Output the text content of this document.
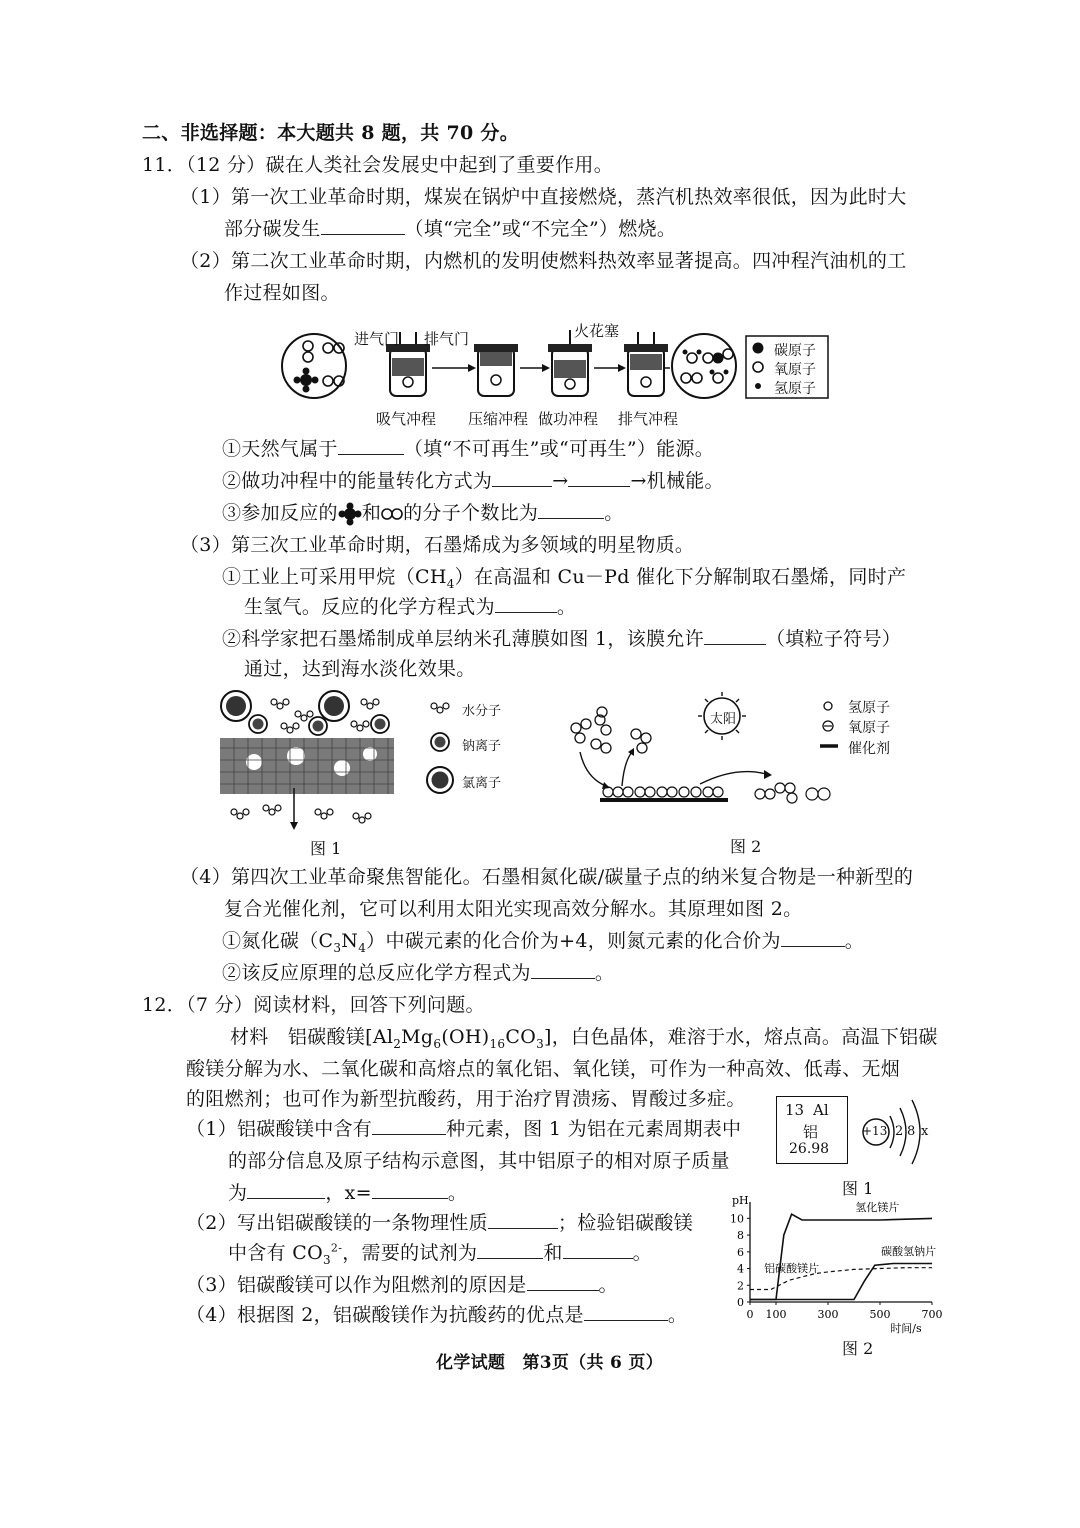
二、非选择题：本大题共 8 题，共 70 分。
11．（12 分）碳在人类社会发展史中起到了重要作用。
（1）第一次工业革命时期，煤炭在锅炉中直接燃烧，蒸汽机热效率很低，因为此时大
部分碳发生	（填“完全”或“不完全”）燃烧。
（2）第二次工业革命时期，内燃机的发明使燃料热效率显著提高。四冲程汽油机的工
作过程如图。
进气门 排气门	火花塞
碳原子
氧原子
氢原子
吸气冲程 压缩冲程 做功冲程 排气冲程
①天然气属于	（填“不可再生”或“可再生”）能源。
②做功冲程中的能量转化方式为	→	→机械能。
③参加反应的 和 的分子个数比为	。
（3）第三次工业革命时期，石墨烯成为多领域的明星物质。
①工业上可采用甲烷$(CH_4)$在高温和 Cu－Pd 催化下分解制取石墨烯，同时产
生氢气。反应的化学方程式为	。
②科学家把石墨烯制成单层纳米孔薄膜如图 1，该膜允许	（填粒子符号）
通过，达到海水淡化效果。
水分子
钠离子
氯离子
图 1
氢原子
氧原子
催化剂
太阳
图 2
（4）第四次工业革命聚焦智能化。石墨相氮化碳/碳量子点的纳米复合物是一种新型的
复合光催化剂，它可以利用太阳光实现高效分解水。其原理如图 2。
①氮化碳$(C_3N_4)$中碳元素的化合价为+4，则氮元素的化合价为	。
②该反应原理的总反应化学方程式为	。
12．（7 分）阅读材料，回答下列问题。
材料　铝碳酸镁$[Al_2Mg_6(OH)_{16}CO_3]$，白色晶体，难溶于水，熔点高。高温下铝碳
酸镁分解为水、二氧化碳和高熔点的氧化铝、氧化镁，可作为一种高效、低毒、无烟
的阻燃剂；也可作为新型抗酸药，用于治疗胃溃疡、胃酸过多症。
（1）铝碳酸镁中含有	种元素，图 1 为铝在元素周期表中
的部分信息及原子结构示意图，其中铝原子的相对原子质量
为	，x=	。
13 Al
铝
26.98
+13 2 8 x
图 1
（2）写出铝碳酸镁的一条物理性质	；检验铝碳酸镁
中含有 $CO_3^{2-}$，需要的试剂为	和	。
（3）铝碳酸镁可以作为阻燃剂的原因是	。
（4）根据图 2，铝碳酸镁作为抗酸药的优点是	。
0
2
4
6
8
10
0 100	300	500	700
pH
时间/s
氢化镁片
碳酸氢钠片
铝碳酸镁片
图 2
化学试题　第3页（共 6 页）
